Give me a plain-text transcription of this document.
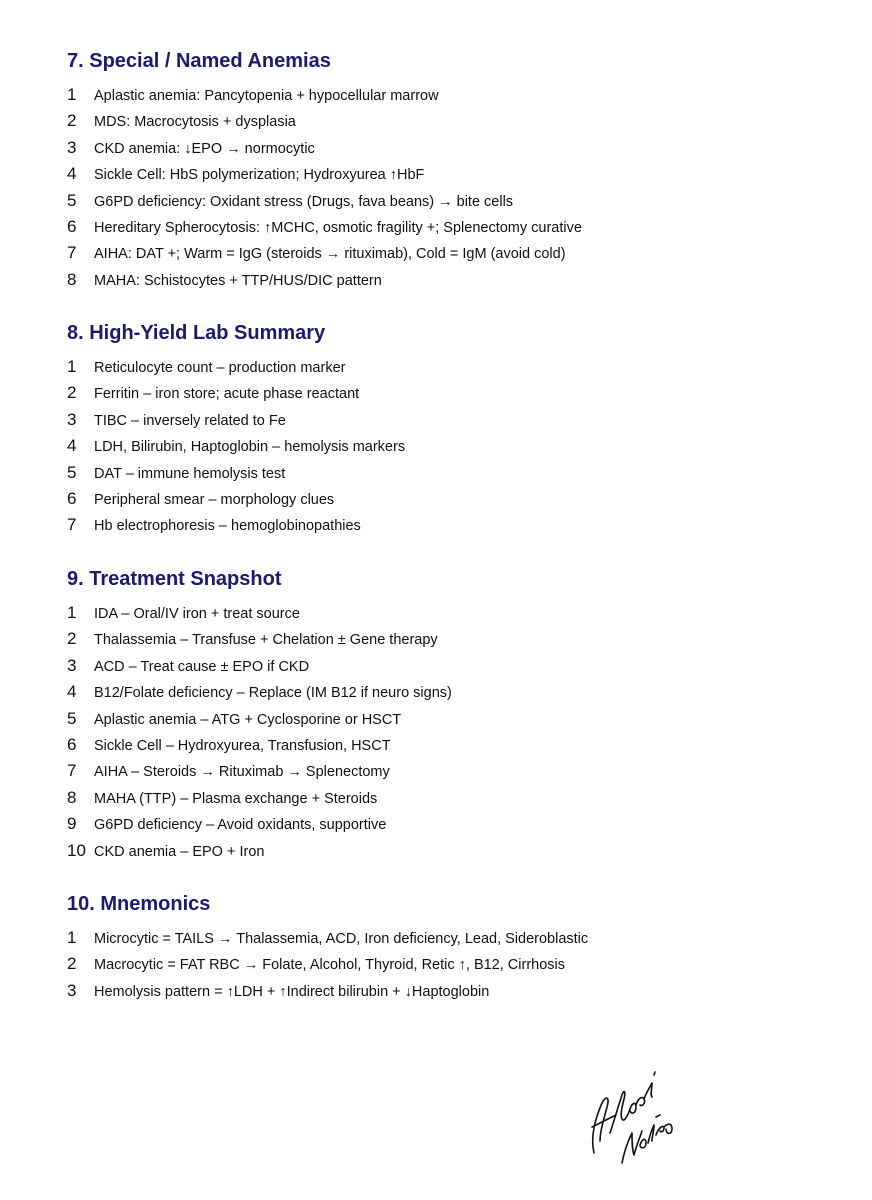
7. Special / Named Anemias
1	Aplastic anemia: Pancytopenia + hypocellular marrow
2	MDS: Macrocytosis + dysplasia
3	CKD anemia: ↓EPO → normocytic
4	Sickle Cell: HbS polymerization; Hydroxyurea ↑HbF
5	G6PD deficiency: Oxidant stress (Drugs, fava beans) → bite cells
6	Hereditary Spherocytosis: ↑MCHC, osmotic fragility +; Splenectomy curative
7	AIHA: DAT +; Warm = IgG (steroids → rituximab), Cold = IgM (avoid cold)
8	MAHA: Schistocytes + TTP/HUS/DIC pattern
8. High-Yield Lab Summary
1	Reticulocyte count – production marker
2	Ferritin – iron store; acute phase reactant
3	TIBC – inversely related to Fe
4	LDH, Bilirubin, Haptoglobin – hemolysis markers
5	DAT – immune hemolysis test
6	Peripheral smear – morphology clues
7	Hb electrophoresis – hemoglobinopathies
9. Treatment Snapshot
1	IDA – Oral/IV iron + treat source
2	Thalassemia – Transfuse + Chelation ± Gene therapy
3	ACD – Treat cause ± EPO if CKD
4	B12/Folate deficiency – Replace (IM B12 if neuro signs)
5	Aplastic anemia – ATG + Cyclosporine or HSCT
6	Sickle Cell – Hydroxyurea, Transfusion, HSCT
7	AIHA – Steroids → Rituximab → Splenectomy
8	MAHA (TTP) – Plasma exchange + Steroids
9	G6PD deficiency – Avoid oxidants, supportive
10 CKD anemia – EPO + Iron
10. Mnemonics
1	Microcytic = TAILS → Thalassemia, ACD, Iron deficiency, Lead, Sideroblastic
2	Macrocytic = FAT RBC → Folate, Alcohol, Thyroid, Retic ↑, B12, Cirrhosis
3	Hemolysis pattern = ↑LDH + ↑Indirect bilirubin + ↓Haptoglobin
